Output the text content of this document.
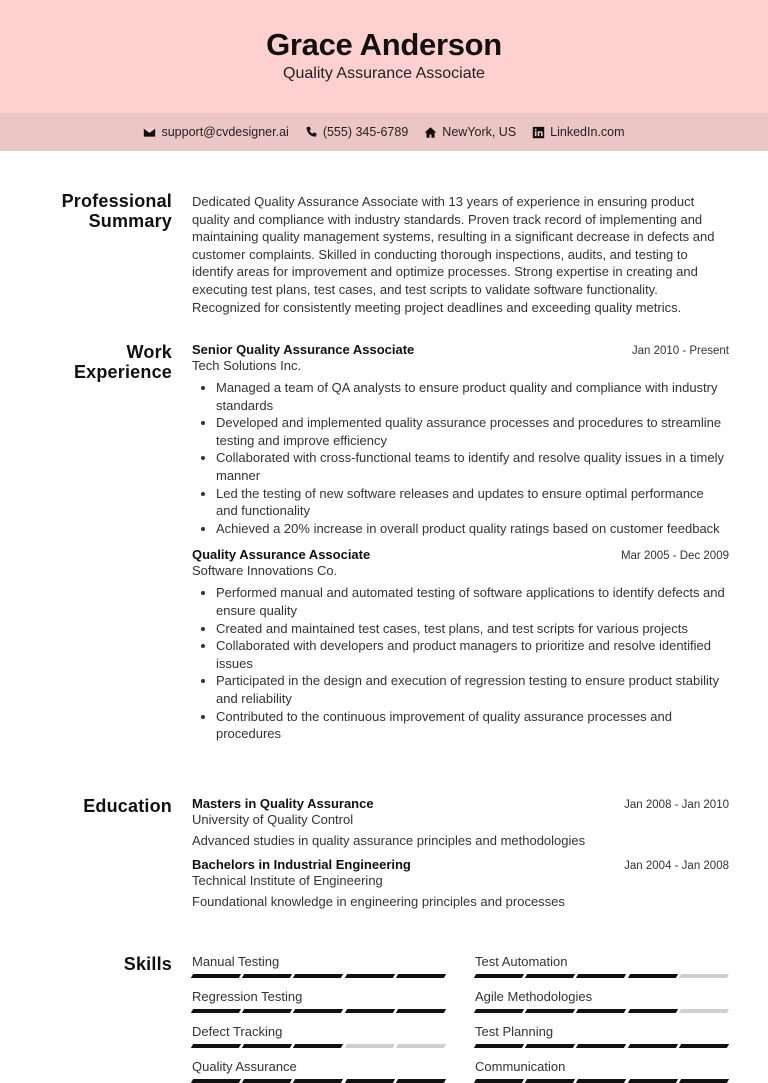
Grace Anderson
Quality Assurance Associate
support@cvdesigner.ai	(555) 345-6789	NewYork, US	LinkedIn.com
Professional
Summary

Dedicated Quality Assurance Associate with 13 years of experience in ensuring product quality and compliance with industry standards. Proven track record of implementing and maintaining quality management systems, resulting in a significant decrease in defects and customer complaints. Skilled in conducting thorough inspections, audits, and testing to identify areas for improvement and optimize processes. Strong expertise in creating and executing test plans, test cases, and test scripts to validate software functionality. Recognized for consistently meeting project deadlines and exceeding quality metrics.

Work
Experience
Senior Quality Assurance Associate	Jan 2010 - Present
Tech Solutions Inc.
• Managed a team of QA analysts to ensure product quality and compliance with industry standards
• Developed and implemented quality assurance processes and procedures to streamline testing and improve efficiency
• Collaborated with cross-functional teams to identify and resolve quality issues in a timely manner
• Led the testing of new software releases and updates to ensure optimal performance and functionality
• Achieved a 20% increase in overall product quality ratings based on customer feedback
Quality Assurance Associate	Mar 2005 - Dec 2009
Software Innovations Co.
• Performed manual and automated testing of software applications to identify defects and ensure quality
• Created and maintained test cases, test plans, and test scripts for various projects
• Collaborated with developers and product managers to prioritize and resolve identified issues
• Participated in the design and execution of regression testing to ensure product stability and reliability
• Contributed to the continuous improvement of quality assurance processes and procedures
Education Masters in Quality Assurance	Jan 2008 - Jan 2010
University of Quality Control
Advanced studies in quality assurance principles and methodologies
Bachelors in Industrial Engineering	Jan 2004 - Jan 2008
Technical Institute of Engineering
Foundational knowledge in engineering principles and processes
Skills Manual Testing	Test Automation
Regression Testing	Agile Methodologies
Defect Tracking	Test Planning
Quality Assurance	Communication
